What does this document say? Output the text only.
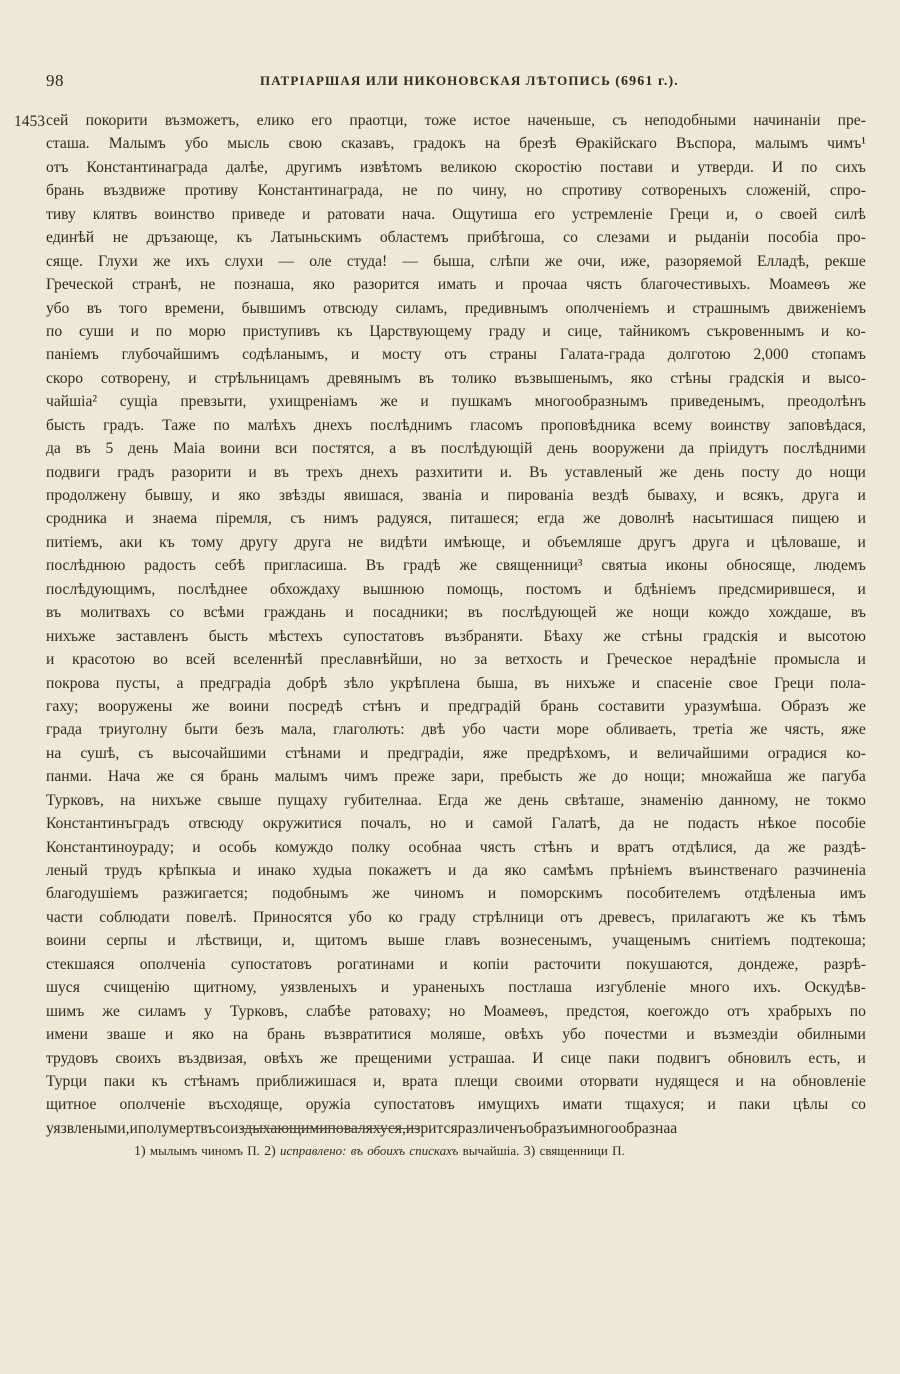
98	ПАТРІАРШАЯ ИЛИ НИКОНОВСКАЯ ЛѢТОПИСЬ (6961 г.).
1453 сей покорити възможетъ, елико его праотци, тоже истое наченьше, съ неподобными начинаніи пре-
сташа. Малымъ убо мысль свою сказавъ, градокъ на брезѣ Ѳракійскаго Въспора, малымъ чимъ¹
отъ Константинаграда далѣе, другимъ извѣтомъ великою скоростію постави и утверди. И по сихъ
брань въздвиже противу Константинаграда, не по чину, но спротиву сотвореныхъ сложеній, спро-
тиву клятвъ воинство приведе и ратовати нача. Ощутиша его устремленіе Греци и, о своей силѣ
единѣй не дръзающе, къ Латыньскимъ областемъ прибѣгоша, со слезами и рыданіи пособіа про-
сяще. Глухи же ихъ слухи — оле студа! — быша, слѣпи же очи, иже, разоряемой Елладѣ, рекше
Греческой странѣ, не познаша, яко разорится имать и прочаа чясть благочестивыхъ. Моамеѳъ же
убо въ того времени, бывшимъ отвсюду силамъ, предивнымъ ополченіемъ и страшнымъ движеніемъ
по суши и по морю приступивъ къ Царствующему граду и сице, тайникомъ съкровеннымъ и ко-
паніемъ глубочайшимъ содѣланымъ, и мосту отъ страны Галата-града долготою 2,000 стопамъ
скоро сотворену, и стрѣльницамъ древянымъ въ толико възвышенымъ, яко стѣны градскія и высо-
чайшіа² сущіа превзыти, ухищреніамъ же и пушкамъ многообразнымъ приведенымъ, преодолѣнъ
бысть градъ. Таже по малѣхъ днехъ послѣднимъ гласомъ проповѣдника всему воинству заповѣдася,
да въ 5 день Маіа воини вси постятся, а въ послѣдующій день вооружени да пріидутъ послѣдними
подвиги градъ разорити и въ трехъ днехъ разхитити и. Въ уставленый же день посту до нощи
продолжену бывшу, и яко звѣзды явишася, званіа и пированіа вездѣ бываху, и всякъ, друга и
сродника и знаема піремля, съ нимъ радуяся, питашеся; егда же доволнѣ насытишася пищею и
питіемъ, аки къ тому другу друга не видѣти имѣюще, и объемляше другъ друга и цѣловаше, и
послѣднюю радость себѣ пригласиша. Въ градѣ же священници³ святыа иконы обносяще, людемъ
послѣдующимъ, послѣднее обхождаху вышнюю помощь, постомъ и бдѣніемъ предсмирившеся, и
въ молитвахъ со всѣми граждань и посадники; въ послѣдующей же нощи кождо хождаше, въ
нихъже заставленъ бысть мѣстехъ супостатовъ възбраняти. Бѣаху же стѣны градскія и высотою
и красотою во всей вселеннѣй преславнѣйши, но за ветхость и Греческое нерадѣніе промысла и
покрова пусты, а предградіа добрѣ зѣло укрѣплена быша, въ нихъже и спасеніе свое Греци пола-
гаху; вооружены же воини посредѣ стѣнъ и предградій брань составити уразумѣша. Образъ же
града триуголну быти безъ мала, глаголють: двѣ убо части море обливаеть, третіа же чясть, яже
на сушѣ, съ высочайшими стѣнами и предградіи, яже предрѣхомъ, и величайшими оградися ко-
панми. Нача же ся брань малымъ чимъ преже зари, пребысть же до нощи; множайша же пагуба
Турковъ, на нихъже свыше пущаху губителнаа. Егда же день свѣташе, знаменію данному, не токмо
Константинъградъ отвсюду окружитися почалъ, но и самой Галатѣ, да не подасть нѣкое пособіе
Константиноураду; и особь комуждо полку особнаа чясть стѣнъ и вратъ отдѣлися, да же раздѣ-
леный трудъ крѣпкыа и инако худыа покажетъ и да яко самѣмъ прѣніемъ въинственаго разчиненіа
благодушіемъ разжигается; подобнымъ же чиномъ и поморскимъ пособителемъ отдѣленыа имъ
части соблюдати повелѣ. Приносятся убо ко граду стрѣлници отъ древесъ, прилагаютъ же къ тѣмъ
воини серпы и лѣствици, и, щитомъ выше главъ вознесенымъ, учащенымъ снитіемъ подтекоша;
стекшаяся ополченіа супостатовъ рогатинами и копіи расточити покушаются, дондеже, разрѣ-
шуся счищенію щитному, уязвленыхъ и ураненыхъ постлаша изгубленіе много ихъ. Оскудѣв-
шимъ же силамъ у Турковъ, слабѣе ратоваху; но Моамеѳъ, предстоя, коегождо отъ храбрыхъ по
имени зваше и яко на брань възвратитися моляше, овѣхъ убо почестми и възмездіи обилными
трудовъ своихъ въздвизая, овѣхъ же прещеними устрашаа. И сице паки подвигъ обновилъ есть, и
Турци паки къ стѣнамъ приближишася и, врата плещи своими оторвати нудящеся и на обновленіе
щитное ополченіе въсходяще, оружіа супостатовъ имущихъ имати тщахуся; и паки цѣлы со
уязвлеными, и полумертвъ со издыхающими поваляхуся, и зрится различенъ образъ и многообразнаа
1) мылымъ чиномъ П. 2) исправлено: въ обоихъ спискахъ вычайшіа. 3) священници П.
